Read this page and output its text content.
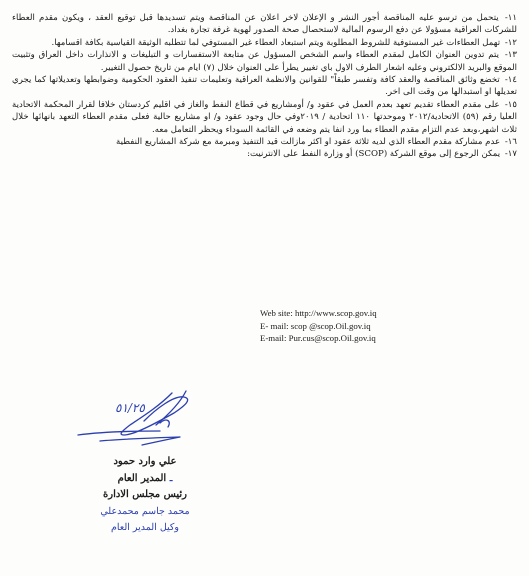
١١- يتحمل من ترسو عليه المناقصة أجور النشر و الإعلان لاخر اعلان عن المناقصة ويتم تسديدها قبل توقيع العقد ، ويكون مقدم العطاء للشركات العراقية مسؤولا عن دفع الرسوم المالية لاستحصال صحة الصدور لهوية غرفة تجارة بغداد.

١٢- تهمل العطاءات غير المستوفية للشروط المطلوبة ويتم استبعاد العطاء غير المستوفي لما تتطلبه الوثيقة القياسية بكافة اقسامها.

١٣- يتم تدوين العنوان الكامل لمقدم العطاء واسم الشخص المسؤول عن متابعة الاستفسارات و التبليغات و الانذارات داخل العراق وتثبيت الموقع والبريد الالكتروني وعليه اشعار الطرف الاول باي تغيير يطرأ على العنوان خلال (٧) ايام من تاريخ حصول التغيير.

١٤- تخضع وثائق المناقصة والعقد كافة وتفسر طبقاً" للقوانين والانظمة العراقية وتعليمات تنفيذ العقود الحكومية وضوابطها وتعديلاتها كما يجري تعديلها او استبدالها من وقت الى اخر.

١٥- على مقدم العطاء تقديم تعهد بعدم العمل في عقود و/ أومشاريع في قطاع النفط والغاز في اقليم كردستان خلافا لقرار المحكمة الاتحادية العليا رقم (٥٩) الاتحادية/٢٠١٢ وموحدتها ١١٠ اتحادية / ٢٠١٩وفي حال وجود عقود و/ او مشاريع حالية فعلى مقدم العطاء التعهد بانهائها خلال ثلاث اشهر،وبعد عدم التزام مقدم العطاء بما ورد انفا يتم وضعه في القائمة السوداء ويحظر التعامل معه.

١٦- عدم مشاركة مقدم العطاء الذي لديه ثلاثة عقود او اكثر مازالت قيد التنفيذ ومبرمة مع شركة المشاريع النفطية

١٧- يمكن الرجوع إلى موقع الشركة (SCOP) أو وزارة النفط على الانترنيت:

Web site: http://www.scop.gov.iq
E- mail: scop @scop.Oil.gov.iq
E-mail: Pur.cus@scop.Oil.gov.iq
٥١/٢٥
علي وارد حمود
ـ المدير العام
رئيس مجلس الادارة
محمد جاسم محمدعلي
وكيل المدير العام
